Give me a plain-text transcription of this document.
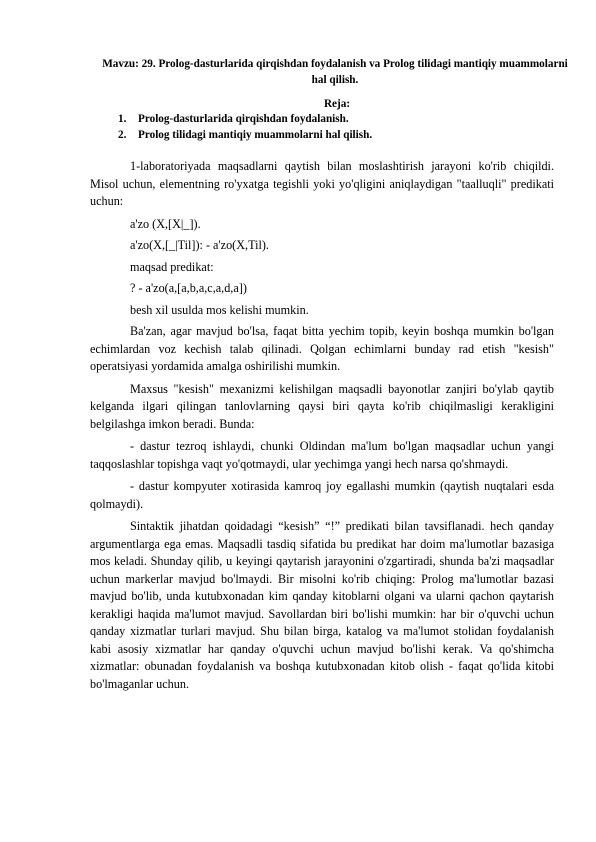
Mavzu: 29. Prolog-dasturlarida qirqishdan foydalanish va Prolog tilidagi mantiqiy muammolarni hal qilish.
Reja:
1. Prolog-dasturlarida qirqishdan foydalanish.
2. Prolog tilidagi mantiqiy muammolarni hal qilish.

1-laboratoriyada maqsadlarni qaytish bilan moslashtirish jarayoni ko'rib chiqildi. Misol uchun, elementning ro'yxatga tegishli yoki yo'qligini aniqlaydigan "taalluqli" predikati uchun:

a'zo (X,[X|_]).

a'zo(X,[_|Til]): - a'zo(X,Til).

maqsad predikat:

? - a'zo(a,[a,b,a,c,a,d,a])

besh xil usulda mos kelishi mumkin.

Ba'zan, agar mavjud bo'lsa, faqat bitta yechim topib, keyin boshqa mumkin bo'lgan echimlardan voz kechish talab qilinadi. Qolgan echimlarni bunday rad etish "kesish" operatsiyasi yordamida amalga oshirilishi mumkin.

Maxsus "kesish" mexanizmi kelishilgan maqsadli bayonotlar zanjiri bo'ylab qaytib kelganda ilgari qilingan tanlovlarning qaysi biri qayta ko'rib chiqilmasligi kerakligini belgilashga imkon beradi. Bunda:

- dastur tezroq ishlaydi, chunki Oldindan ma'lum bo'lgan maqsadlar uchun yangi taqqoslashlar topishga vaqt yo'qotmaydi, ular yechimga yangi hech narsa qo'shmaydi.

- dastur kompyuter xotirasida kamroq joy egallashi mumkin (qaytish nuqtalari esda qolmaydi).

Sintaktik jihatdan qoidadagi “kesish” “!” predikati bilan tavsiflanadi. hech qanday argumentlarga ega emas. Maqsadli tasdiq sifatida bu predikat har doim ma'lumotlar bazasiga mos keladi. Shunday qilib, u keyingi qaytarish jarayonini o'zgartiradi, shunda ba'zi maqsadlar uchun markerlar mavjud bo'lmaydi. Bir misolni ko'rib chiqing: Prolog ma'lumotlar bazasi mavjud bo'lib, unda kutubxonadan kim qanday kitoblarni olgani va ularni qachon qaytarish kerakligi haqida ma'lumot mavjud. Savollardan biri bo'lishi mumkin: har bir o'quvchi uchun qanday xizmatlar turlari mavjud. Shu bilan birga, katalog va ma'lumot stolidan foydalanish kabi asosiy xizmatlar har qanday o'quvchi uchun mavjud bo'lishi kerak. Va qo'shimcha xizmatlar: obunadan foydalanish va boshqa kutubxonadan kitob olish - faqat qo'lida kitobi bo'lmaganlar uchun.
